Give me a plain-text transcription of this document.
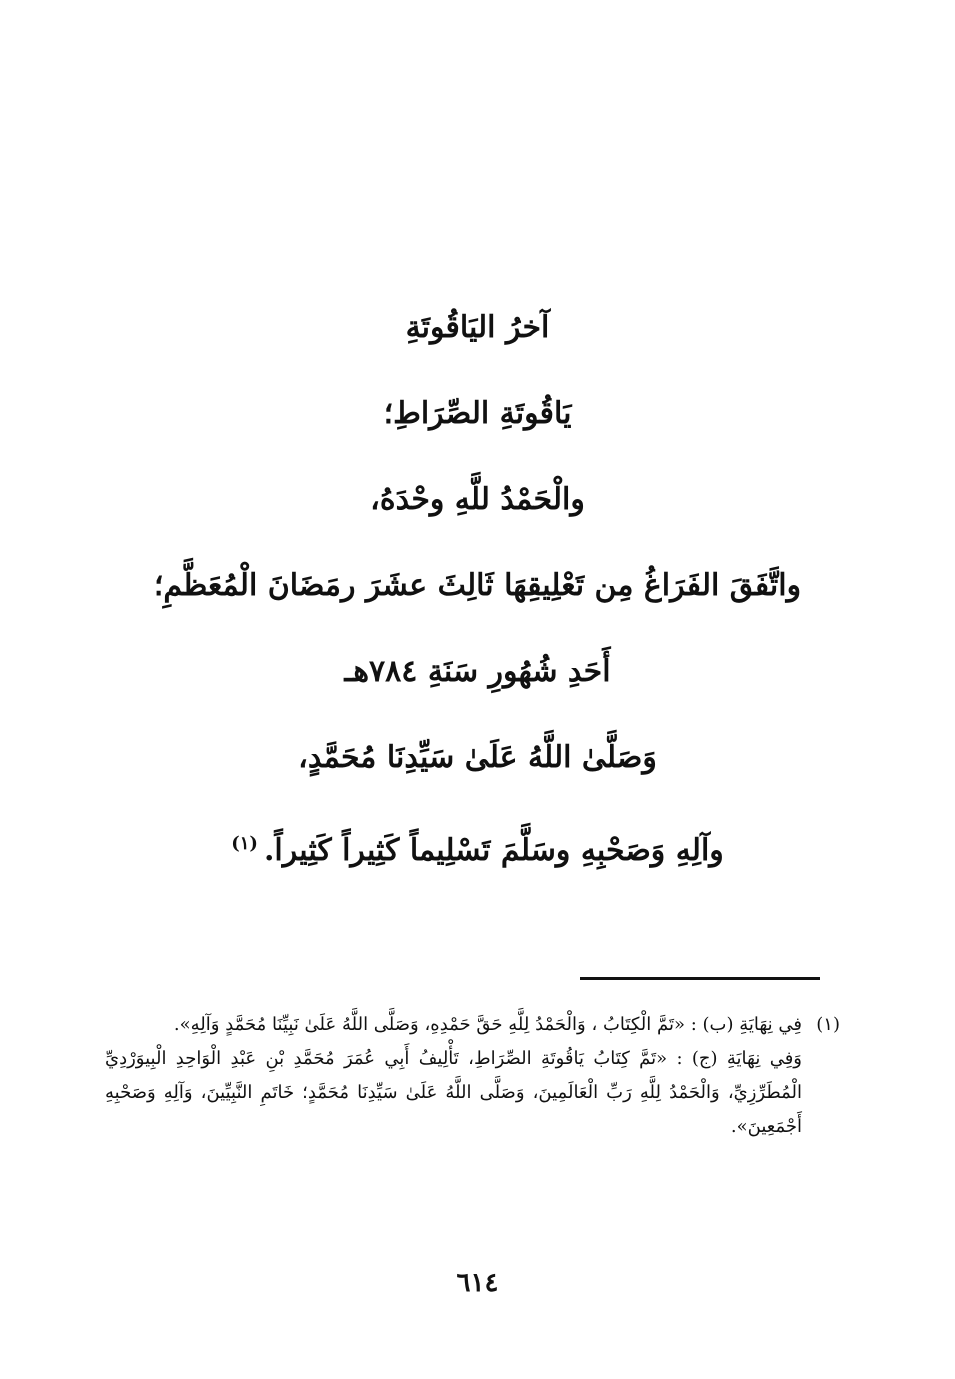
آخرُ اليَاقُوتَةِ
يَاقُوتَةِ الصِّرَاطِ؛
والْحَمْدُ للَّهِ وحْدَهُ،
واتَّفَقَ الفَرَاغُ مِن تَعْلِيقِهَا ثَالِثَ عشَرَ رمَضَانَ الْمُعَظَّمِ؛
أَحَدِ شُهُورِ سَنَةِ ٧٨٤هـ
وَصَلَّىٰ اللَّهُ عَلَىٰ سَيِّدِنَا مُحَمَّدٍ،
وآلِهِ وَصَحْبِهِ وسَلَّمَ تَسْلِيماً كَثِيراً كَثِيراً.$^{(١)}$
(١)
فِي نِهَايَةِ (ب) : «تَمَّ الْكِتَابُ ، وَالْحَمْدُ لِلَّهِ حَقَّ حَمْدِهِ، وَصَلَّى اللَّهُ عَلَىٰ نَبِيِّنَا مُحَمَّدٍ وَآلِهِ».
وَفِي نِهَايَةِ (ج) : «تَمَّ كِتَابُ يَاقُوتَةِ الصِّرَاطِ، تَأْلِيفُ أَبِي عُمَرَ مُحَمَّدِ بْنِ عَبْدِ الْوَاحِدِ الْبِيوَرْدِيِّ الْمُطَرِّزِيِّ، وَالْحَمْدُ لِلَّهِ رَبِّ الْعَالَمِينَ، وَصَلَّى اللَّهُ عَلَىٰ سَيِّدِنَا مُحَمَّدٍ؛ خَاتَمِ النَّبِيِّينَ، وَآلِهِ وَصَحْبِهِ أَجْمَعِينَ».
٦١٤
